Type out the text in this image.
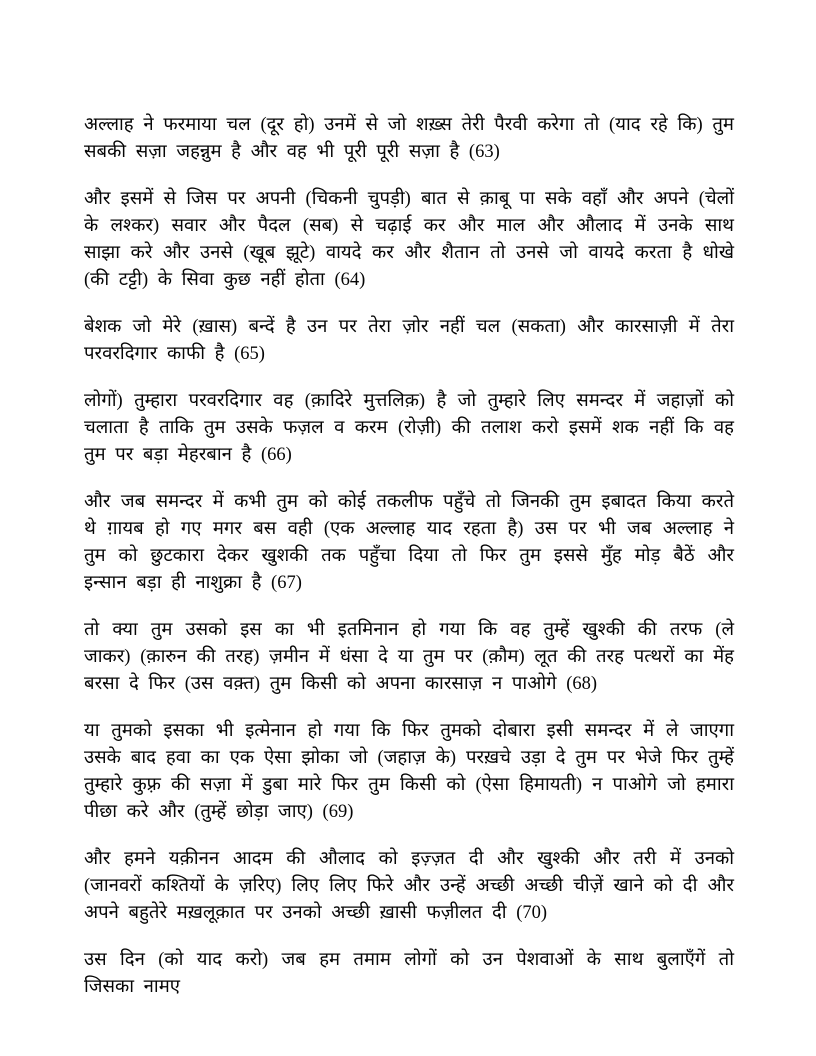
अल्लाह ने फरमाया चल (दूर हो) उनमें से जो शख़्स तेरी पैरवी करेगा तो (याद रहे कि) तुम सबकी सज़ा जहन्नुम है और वह भी पूरी पूरी सज़ा है (63)

और इसमें से जिस पर अपनी (चिकनी चुपड़ी) बात से क़ाबू पा सके वहाँ और अपने (चेलों के लश्कर) सवार और पैदल (सब) से चढ़ाई कर और माल और औलाद में उनके साथ साझा करे और उनसे (खूब झूटे) वायदे कर और शैतान तो उनसे जो वायदे करता है धोखे (की टट्टी) के सिवा कुछ नहीं होता (64)

बेशक जो मेरे (ख़ास) बन्दें है उन पर तेरा ज़ोर नहीं चल (सकता) और कारसाज़ी में तेरा परवरदिगार काफी है (65)

लोगों) तुम्हारा परवरदिगार वह (क़ादिरे मुत्तलिक़) है जो तुम्हारे लिए समन्दर में जहाज़ों को चलाता है ताकि तुम उसके फज़ल व करम (रोज़ी) की तलाश करो इसमें शक नहीं कि वह तुम पर बड़ा मेहरबान है (66)

और जब समन्दर में कभी तुम को कोई तकलीफ पहुँचे तो जिनकी तुम इबादत किया करते थे ग़ायब हो गए मगर बस वही (एक अल्लाह याद रहता है) उस पर भी जब अल्लाह ने तुम को छुटकारा देकर खुशकी तक पहुँचा दिया तो फिर तुम इससे मुँह मोड़ बैठें और इन्सान बड़ा ही नाशुक्रा है (67)

तो क्या तुम उसको इस का भी इतमिनान हो गया कि वह तुम्हें खुश्की की तरफ (ले जाकर) (क़ारुन की तरह) ज़मीन में धंसा दे या तुम पर (क़ौम) लूत की तरह पत्थरों का मेंह बरसा दे फिर (उस वक़्त) तुम किसी को अपना कारसाज़ न पाओगे (68)

या तुमको इसका भी इत्मेनान हो गया कि फिर तुमको दोबारा इसी समन्दर में ले जाएगा उसके बाद हवा का एक ऐसा झोका जो (जहाज़ के) परख़चे उड़ा दे तुम पर भेजे फिर तुम्हें तुम्हारे कुफ़्र की सज़ा में डुबा मारे फिर तुम किसी को (ऐसा हिमायती) न पाओगे जो हमारा पीछा करे और (तुम्हें छोड़ा जाए) (69)

और हमने यक़ीनन आदम की औलाद को इज़्ज़त दी और खुश्की और तरी में उनको (जानवरों कश्तियों के ज़रिए) लिए लिए फिरे और उन्हें अच्छी अच्छी चीज़ें खाने को दी और अपने बहुतेरे मख़लूक़ात पर उनको अच्छी ख़ासी फज़ीलत दी (70)

उस दिन (को याद करो) जब हम तमाम लोगों को उन पेशवाओं के साथ बुलाएँगें तो जिसका नामए
